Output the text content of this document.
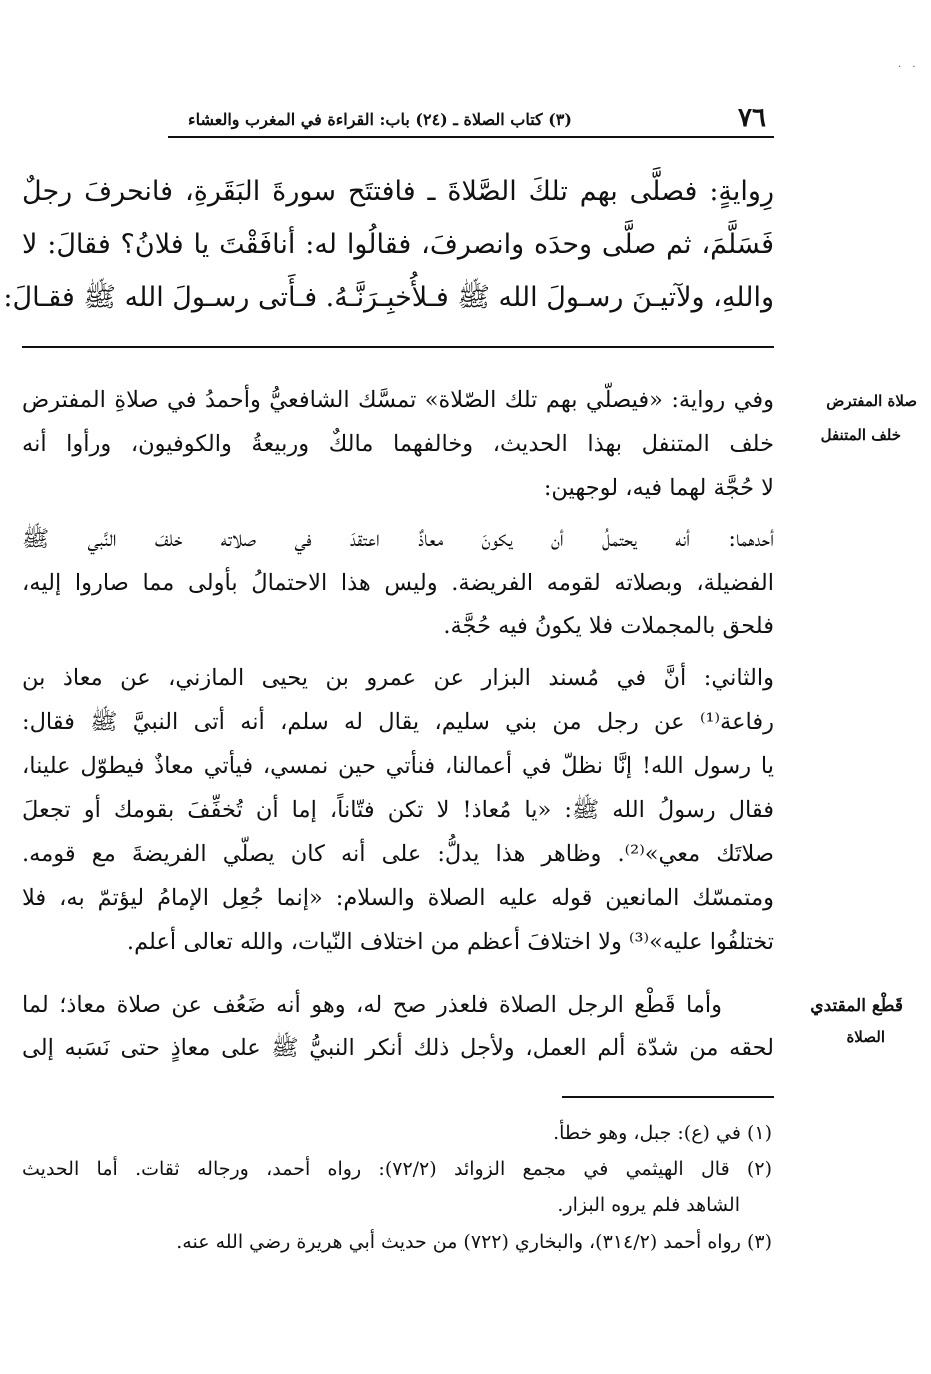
· ·
٧٦
(٣) كتاب الصلاة ـ (٢٤) باب: القراءة في المغرب والعشاء
رِوايةٍ: فصلَّى بهم تلكَ الصَّلاةَ ـ فافتتَح سورةَ البَقَرةِ، فانحرفَ رجلٌ
فَسَلَّمَ، ثم صلَّى وحدَه وانصرفَ، فقالُوا له: أنافَقْتَ يا فلانُ؟ فقالَ: لا
واللهِ، ولآتيـنَ رسـولَ الله ﷺ فـلأُخبِـرَنَّـهُ. فـأَتى رسـولَ الله ﷺ فقـالَ:
صلاة المفترض
خلف المتنفل
قَطْع المقتدي
الصلاة
وفي رواية: «فيصلّي بهم تلك الصّلاة» تمسَّك الشافعيُّ وأحمدُ في صلاةِ المفترض
خلف المتنفل بهذا الحديث، وخالفهما مالكٌ وربيعةُ والكوفيون، ورأوا أنه
لا حُجَّة لهما فيه، لوجهين:
أحدهما: أنه يحتملُ أن يكونَ معاذٌ اعتقدَ في صلاته خلفَ النَّبي ﷺ
الفضيلة، وبصلاته لقومه الفريضة. وليس هذا الاحتمالُ بأولى مما صاروا إليه،
فلحق بالمجملات فلا يكونُ فيه حُجَّة.
والثاني: أنَّ في مُسند البزار عن عمرو بن يحيى المازني، عن معاذ بن
رفاعة⁽¹⁾ عن رجل من بني سليم، يقال له سلم، أنه أتى النبيَّ ﷺ فقال:
يا رسول الله! إنَّا نظلّ في أعمالنا، فنأتي حين نمسي، فيأتي معاذٌ فيطوّل علينا،
فقال رسولُ الله ﷺ: «يا مُعاذ! لا تكن فتّاناً، إما أن تُخفِّفَ بقومك أو تجعلَ
صلاتَك معي»⁽²⁾. وظاهر هذا يدلُّ: على أنه كان يصلّي الفريضةَ مع قومه.
ومتمسّك المانعين قوله عليه الصلاة والسلام: «إنما جُعِل الإمامُ ليؤتمّ به، فلا
تختلفُوا عليه»⁽³⁾ ولا اختلافَ أعظم من اختلاف النّيات، والله تعالى أعلم.
وأما قَطْع الرجل الصلاة فلعذر صح له، وهو أنه ضَعُف عن صلاة معاذ؛ لما
لحقه من شدّة ألم العمل، ولأجل ذلك أنكر النبيُّ ﷺ على معاذٍ حتى نَسَبه إلى
(١) في (ع): جبل، وهو خطأ.
(٢) قال الهيثمي في مجمع الزوائد (٧٢/٢): رواه أحمد، ورجاله ثقات. أما الحديث
الشاهد فلم يروه البزار.
(٣) رواه أحمد (٣١٤/٢)، والبخاري (٧٢٢) من حديث أبي هريرة رضي الله عنه.
